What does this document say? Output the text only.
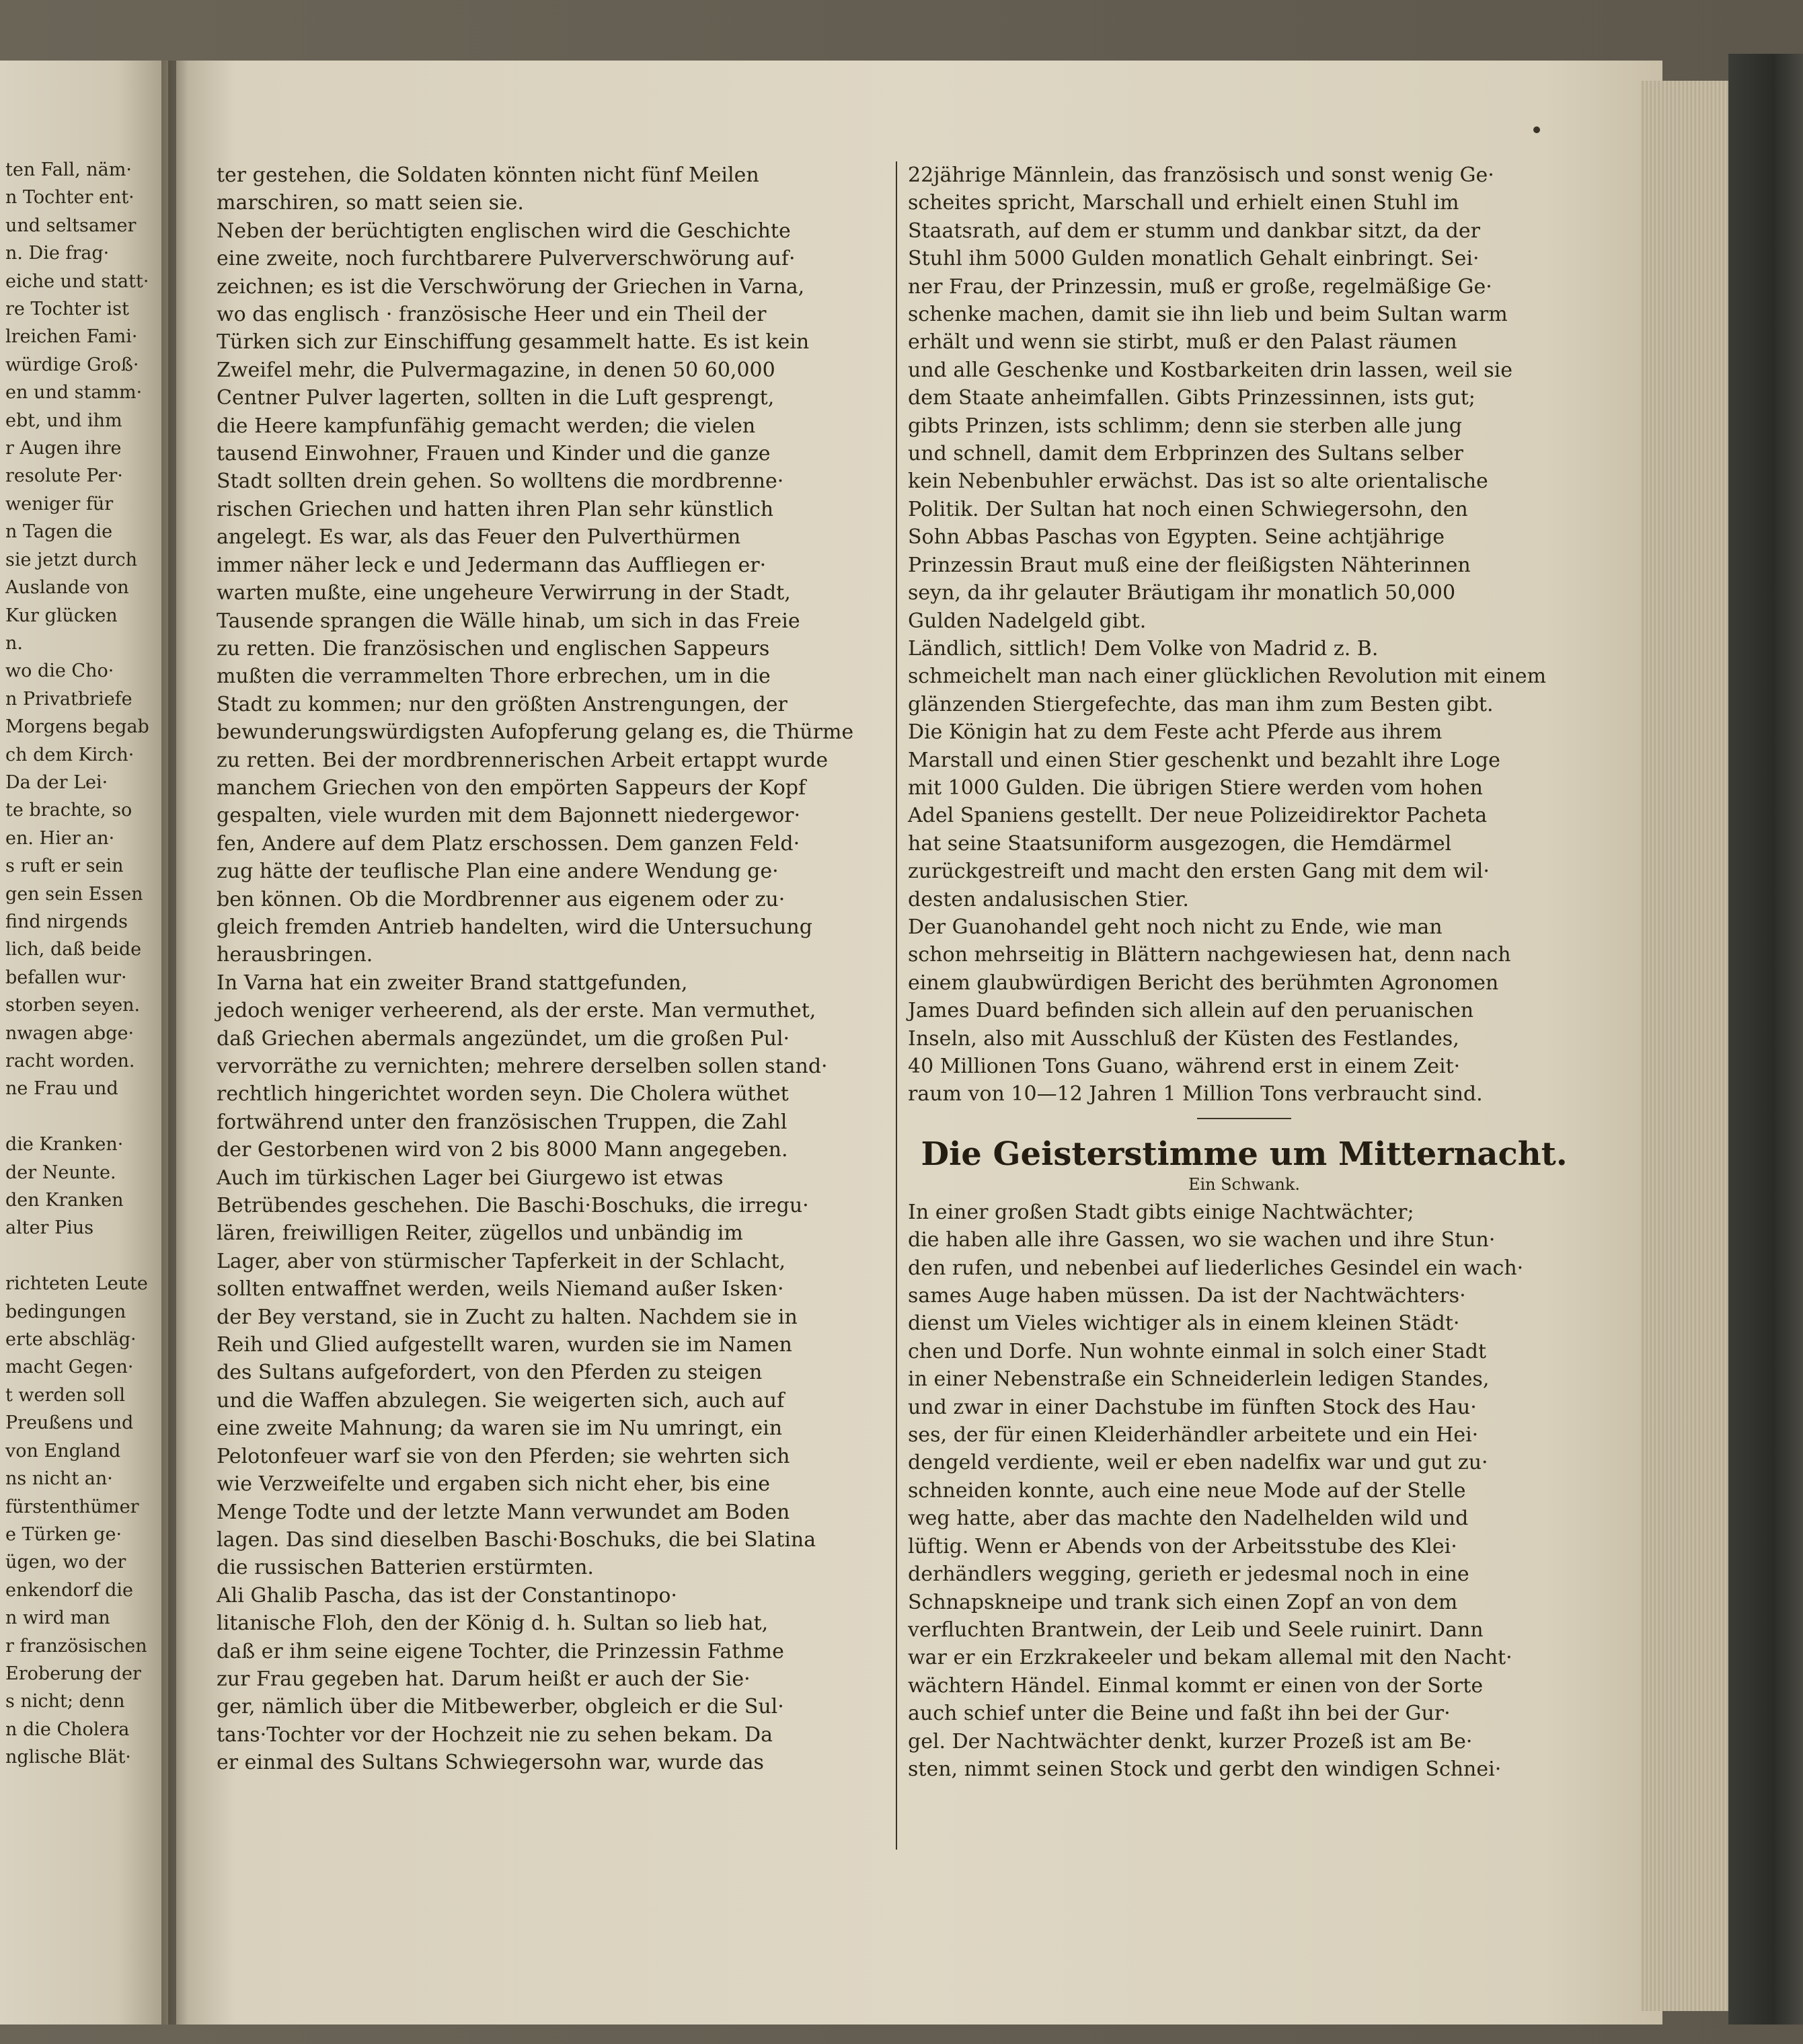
ten Fall, näm·

n Tochter ent·

und seltsamer

n. Die frag·

eiche und statt·

re Tochter ist

lreichen Fami·

würdige Groß·

en und stamm·

ebt, und ihm

r Augen ihre

resolute Per·

weniger für

n Tagen die

sie jetzt durch

Auslande von

Kur glücken

n.

wo die Cho·

n Privatbriefe

Morgens begab

ch dem Kirch·

Da der Lei·

te brachte, so

en. Hier an·

s ruft er sein

gen sein Essen

find nirgends

lich, daß beide

befallen wur·

storben seyen.

nwagen abge·

racht worden.

ne Frau und

die Kranken·

der Neunte.

den Kranken

alter Pius

richteten Leute

bedingungen

erte abschläg·

macht Gegen·

t werden soll

Preußens und

von England

ns nicht an·

fürstenthümer

e Türken ge·

ügen, wo der

enkendorf die

n wird man

r französischen

Eroberung der

s nicht; denn

n die Cholera

nglische Blät·

ter gestehen, die Soldaten könnten nicht fünf Meilen

marschiren, so matt seien sie.

Neben der berüchtigten englischen wird die Geschichte

eine zweite, noch furchtbarere Pulververschwörung auf·

zeichnen; es ist die Verschwörung der Griechen in Varna,

wo das englisch · französische Heer und ein Theil der

Türken sich zur Einschiffung gesammelt hatte. Es ist kein

Zweifel mehr, die Pulvermagazine, in denen 50 60,000

Centner Pulver lagerten, sollten in die Luft gesprengt,

die Heere kampfunfähig gemacht werden; die vielen

tausend Einwohner, Frauen und Kinder und die ganze

Stadt sollten drein gehen. So wolltens die mordbrenne·

rischen Griechen und hatten ihren Plan sehr künstlich

angelegt. Es war, als das Feuer den Pulverthürmen

immer näher leck e und Jedermann das Auffliegen er·

warten mußte, eine ungeheure Verwirrung in der Stadt,

Tausende sprangen die Wälle hinab, um sich in das Freie

zu retten. Die französischen und englischen Sappeurs

mußten die verrammelten Thore erbrechen, um in die

Stadt zu kommen; nur den größten Anstrengungen, der

bewunderungswürdigsten Aufopferung gelang es, die Thürme

zu retten. Bei der mordbrennerischen Arbeit ertappt wurde

manchem Griechen von den empörten Sappeurs der Kopf

gespalten, viele wurden mit dem Bajonnett niedergewor·

fen, Andere auf dem Platz erschossen. Dem ganzen Feld·

zug hätte der teuflische Plan eine andere Wendung ge·

ben können. Ob die Mordbrenner aus eigenem oder zu·

gleich fremden Antrieb handelten, wird die Untersuchung

herausbringen.

In Varna hat ein zweiter Brand stattgefunden,

jedoch weniger verheerend, als der erste. Man vermuthet,

daß Griechen abermals angezündet, um die großen Pul·

vervorräthe zu vernichten; mehrere derselben sollen stand·

rechtlich hingerichtet worden seyn. Die Cholera wüthet

fortwährend unter den französischen Truppen, die Zahl

der Gestorbenen wird von 2 bis 8000 Mann angegeben.

Auch im türkischen Lager bei Giurgewo ist etwas

Betrübendes geschehen. Die Baschi·Boschuks, die irregu·

lären, freiwilligen Reiter, zügellos und unbändig im

Lager, aber von stürmischer Tapferkeit in der Schlacht,

sollten entwaffnet werden, weils Niemand außer Isken·

der Bey verstand, sie in Zucht zu halten. Nachdem sie in

Reih und Glied aufgestellt waren, wurden sie im Namen

des Sultans aufgefordert, von den Pferden zu steigen

und die Waffen abzulegen. Sie weigerten sich, auch auf

eine zweite Mahnung; da waren sie im Nu umringt, ein

Pelotonfeuer warf sie von den Pferden; sie wehrten sich

wie Verzweifelte und ergaben sich nicht eher, bis eine

Menge Todte und der letzte Mann verwundet am Boden

lagen. Das sind dieselben Baschi·Boschuks, die bei Slatina

die russischen Batterien erstürmten.

Ali Ghalib Pascha, das ist der Constantinopo·

litanische Floh, den der König d. h. Sultan so lieb hat,

daß er ihm seine eigene Tochter, die Prinzessin Fathme

zur Frau gegeben hat. Darum heißt er auch der Sie·

ger, nämlich über die Mitbewerber, obgleich er die Sul·

tans·Tochter vor der Hochzeit nie zu sehen bekam. Da

er einmal des Sultans Schwiegersohn war, wurde das

22jährige Männlein, das französisch und sonst wenig Ge·

scheites spricht, Marschall und erhielt einen Stuhl im

Staatsrath, auf dem er stumm und dankbar sitzt, da der

Stuhl ihm 5000 Gulden monatlich Gehalt einbringt. Sei·

ner Frau, der Prinzessin, muß er große, regelmäßige Ge·

schenke machen, damit sie ihn lieb und beim Sultan warm

erhält und wenn sie stirbt, muß er den Palast räumen

und alle Geschenke und Kostbarkeiten drin lassen, weil sie

dem Staate anheimfallen. Gibts Prinzessinnen, ists gut;

gibts Prinzen, ists schlimm; denn sie sterben alle jung

und schnell, damit dem Erbprinzen des Sultans selber

kein Nebenbuhler erwächst. Das ist so alte orientalische

Politik. Der Sultan hat noch einen Schwiegersohn, den

Sohn Abbas Paschas von Egypten. Seine achtjährige

Prinzessin Braut muß eine der fleißigsten Nähterinnen

seyn, da ihr gelauter Bräutigam ihr monatlich 50,000

Gulden Nadelgeld gibt.

Ländlich, sittlich! Dem Volke von Madrid z. B.

schmeichelt man nach einer glücklichen Revolution mit einem

glänzenden Stiergefechte, das man ihm zum Besten gibt.

Die Königin hat zu dem Feste acht Pferde aus ihrem

Marstall und einen Stier geschenkt und bezahlt ihre Loge

mit 1000 Gulden. Die übrigen Stiere werden vom hohen

Adel Spaniens gestellt. Der neue Polizeidirektor Pacheta

hat seine Staatsuniform ausgezogen, die Hemdärmel

zurückgestreift und macht den ersten Gang mit dem wil·

desten andalusischen Stier.

Der Guanohandel geht noch nicht zu Ende, wie man

schon mehrseitig in Blättern nachgewiesen hat, denn nach

einem glaubwürdigen Bericht des berühmten Agronomen

James Duard befinden sich allein auf den peruanischen

Inseln, also mit Ausschluß der Küsten des Festlandes,

40 Millionen Tons Guano, während erst in einem Zeit·

raum von 10—12 Jahren 1 Million Tons verbraucht sind.

Die Geisterstimme um Mitternacht.
Ein Schwank.

In einer großen Stadt gibts einige Nachtwächter;

die haben alle ihre Gassen, wo sie wachen und ihre Stun·

den rufen, und nebenbei auf liederliches Gesindel ein wach·

sames Auge haben müssen. Da ist der Nachtwächters·

dienst um Vieles wichtiger als in einem kleinen Städt·

chen und Dorfe. Nun wohnte einmal in solch einer Stadt

in einer Nebenstraße ein Schneiderlein ledigen Standes,

und zwar in einer Dachstube im fünften Stock des Hau·

ses, der für einen Kleiderhändler arbeitete und ein Hei·

dengeld verdiente, weil er eben nadelfix war und gut zu·

schneiden konnte, auch eine neue Mode auf der Stelle

weg hatte, aber das machte den Nadelhelden wild und

lüftig. Wenn er Abends von der Arbeitsstube des Klei·

derhändlers wegging, gerieth er jedesmal noch in eine

Schnapskneipe und trank sich einen Zopf an von dem

verfluchten Brantwein, der Leib und Seele ruinirt. Dann

war er ein Erzkrakeeler und bekam allemal mit den Nacht·

wächtern Händel. Einmal kommt er einen von der Sorte

auch schief unter die Beine und faßt ihn bei der Gur·

gel. Der Nachtwächter denkt, kurzer Prozeß ist am Be·

sten, nimmt seinen Stock und gerbt den windigen Schnei·
